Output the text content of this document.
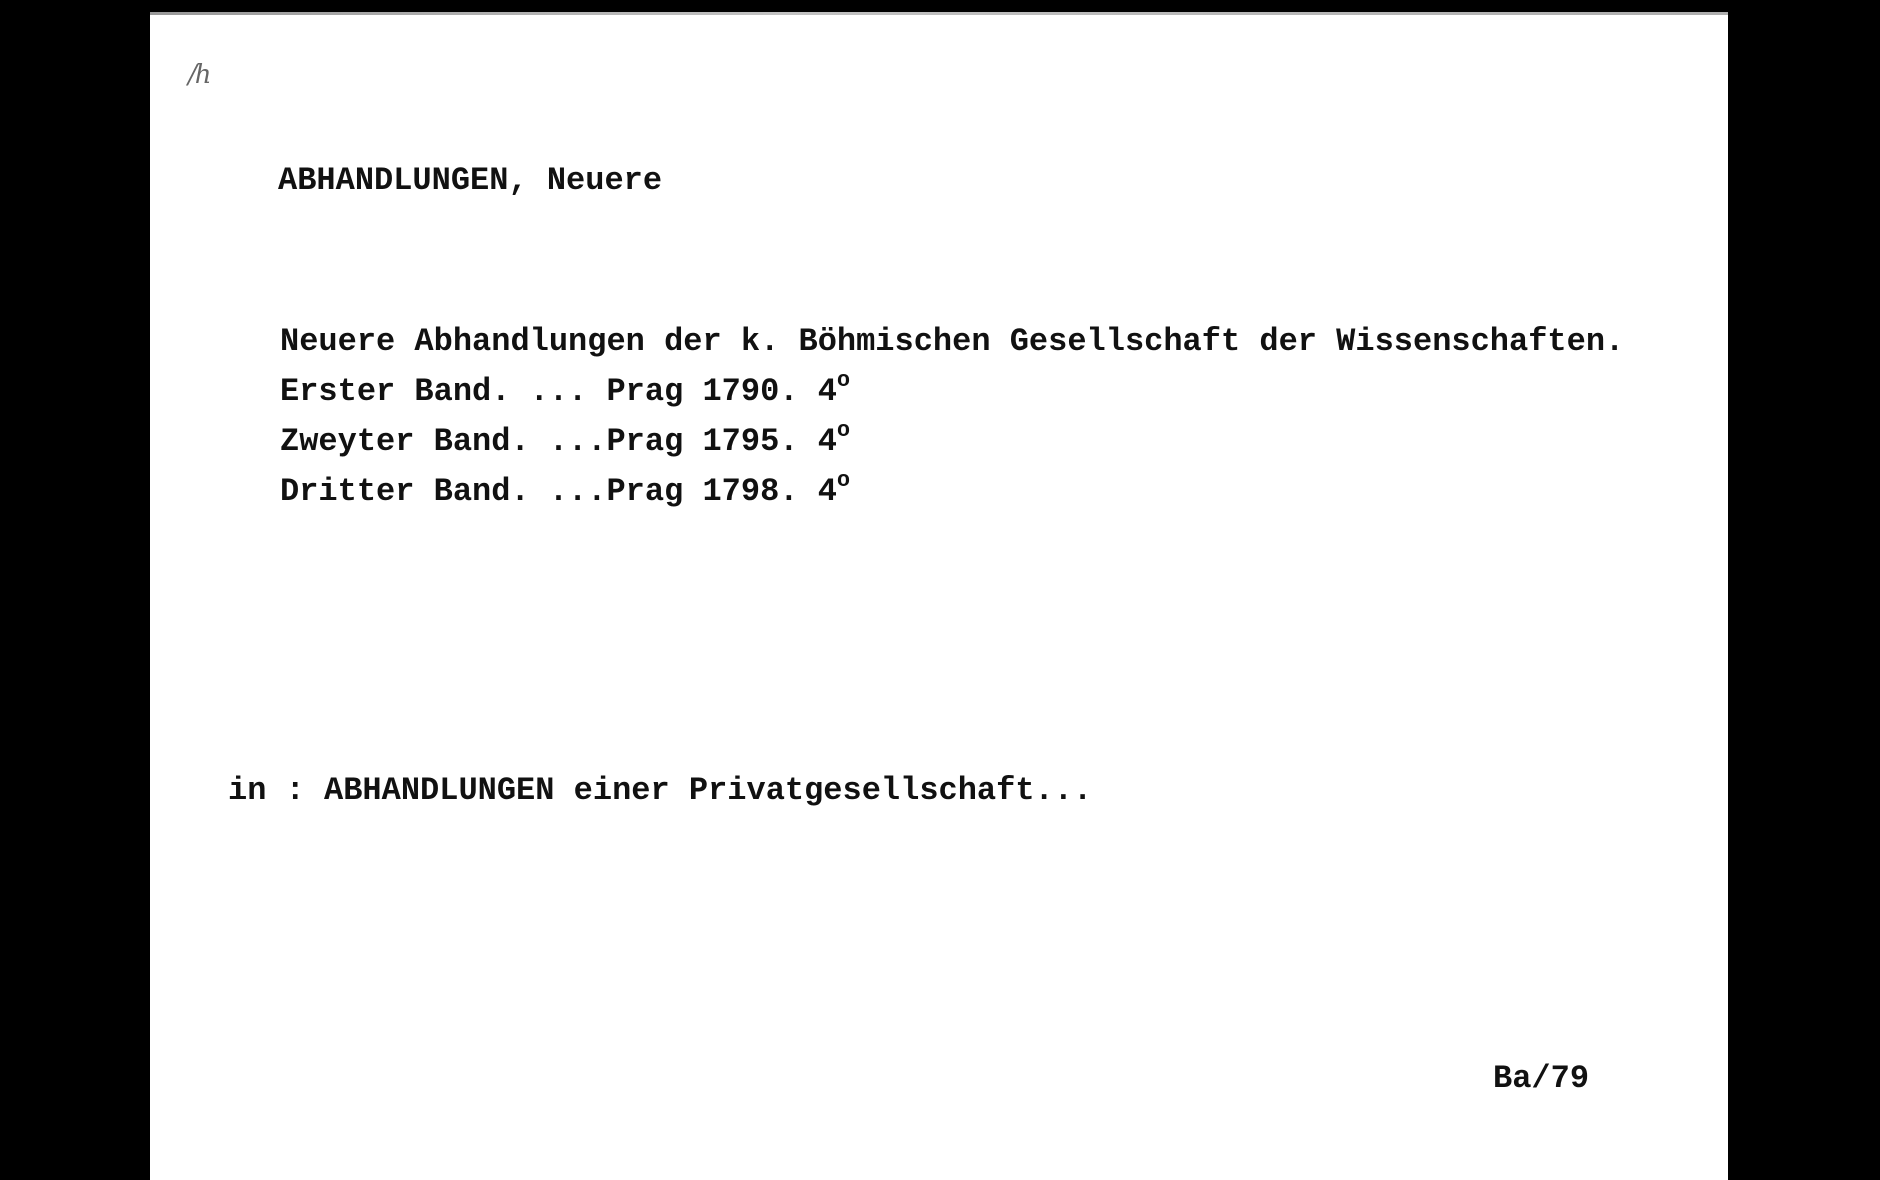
/h
ABHANDLUNGEN, Neuere
Neuere Abhandlungen der k. Böhmischen Gesellschaft der Wissenschaften.
Erster Band. ... Prag 1790. 4$^o$
Zweyter Band. ...Prag 1795. 4$^o$
Dritter Band. ...Prag 1798. 4$^o$
in : ABHANDLUNGEN einer Privatgesellschaft...
Ba/79
